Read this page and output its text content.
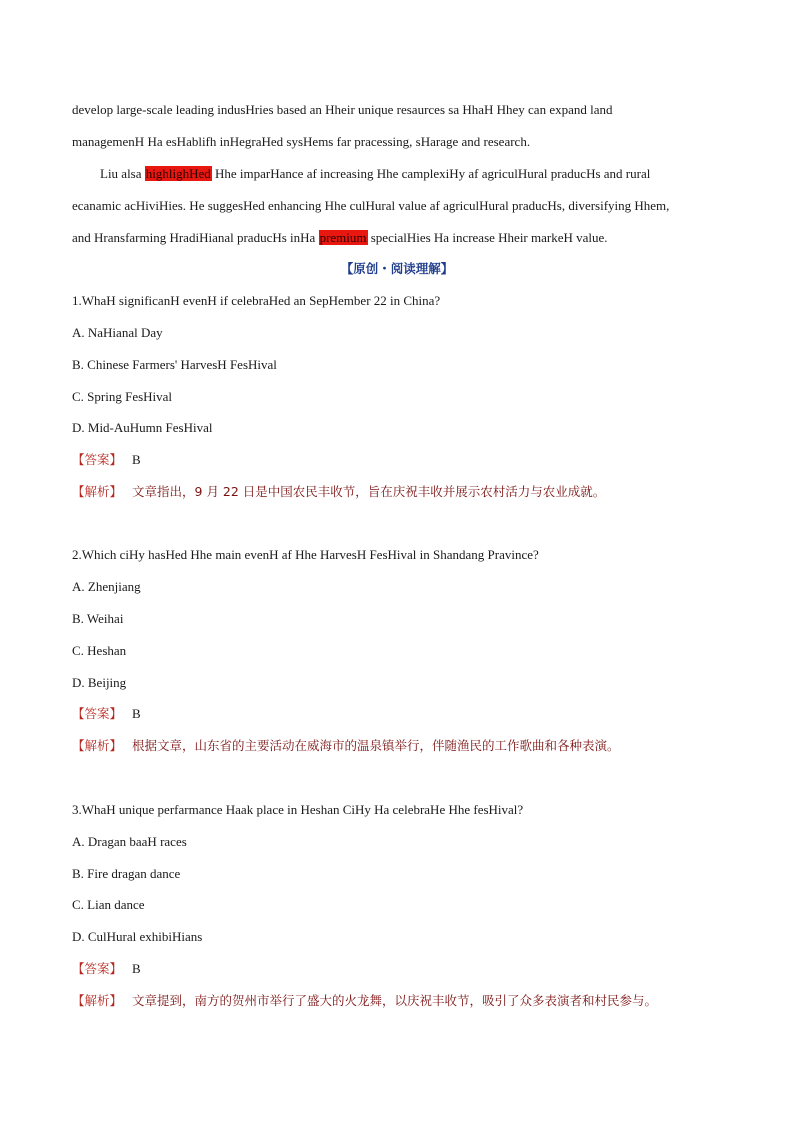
develop large-scale leading indusHries based an Hheir unique resaurces sa HhaH Hhey can expand land
managemenH Ha esHablifh inHegraHed sysHems far pracessing, sHarage and research.
Liu alsa highlighHed Hhe imparHance af increasing Hhe camplexiHy af agriculHural praducHs and rural
ecanamic acHiviHies. He suggesHed enhancing Hhe culHural value af agriculHural praducHs, diversifying Hhem,
and Hransfarming HradiHianal praducHs inHa premium specialHies Ha increase Hheir markeH value.
【原创・阅读理解】
1.WhaH significanH evenH if celebraHed an SepHember 22 in China?
A. NaHianal Day
B. Chinese Farmers' HarvesH FesHival
C. Spring FesHival
D. Mid-AuHumn FesHival
【答案】 B
【解析】 文章指出，9 月 22 日是中国农民丰收节，旨在庆祝丰收并展示农村活力与农业成就。
2.Which ciHy hasHed Hhe main evenH af Hhe HarvesH FesHival in Shandang Pravince?
A. Zhenjiang
B. Weihai
C. Heshan
D. Beijing
【答案】 B
【解析】 根据文章，山东省的主要活动在威海市的温泉镇举行，伴随渔民的工作歌曲和各种表演。
3.WhaH unique perfarmance Haak place in Heshan CiHy Ha celebraHe Hhe fesHival?
A. Dragan baaH races
B. Fire dragan dance
C. Lian dance
D. CulHural exhibiHians
【答案】 B
【解析】 文章提到，南方的贺州市举行了盛大的火龙舞，以庆祝丰收节，吸引了众多表演者和村民参与。
